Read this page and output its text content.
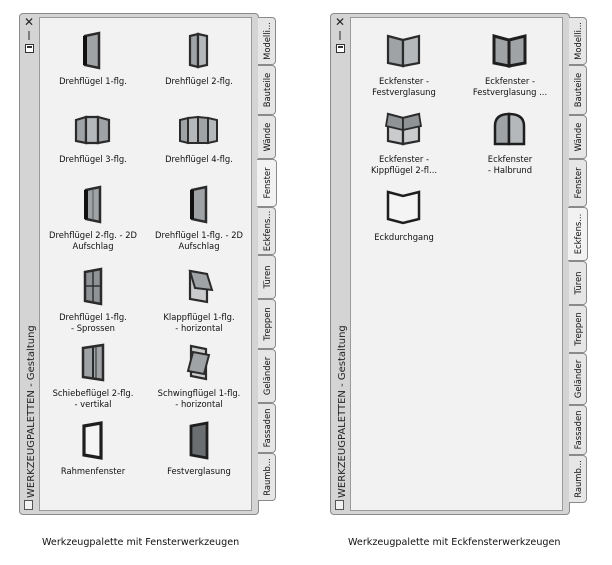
✕
|
WERKZEUGPALETTEN - Gestaltung
Drehflügel 1-flg.	Drehflügel 2-flg.
Drehflügel 3-flg.	Drehflügel 4-flg.
Drehflügel 2-flg. - 2D
Aufschlag
Drehflügel 1-flg. - 2D
Aufschlag
Drehflügel 1-flg.
- Sprossen
Klappflügel 1-flg.
- horizontal
Schiebeflügel 2-flg.
- vertikal
Schwingflügel 1-flg.
- horizontal
Rahmenfenster	Festverglasung
Modelli...
Bauteile
Wände
Fenster
Eckfens...
Türen
Treppen
Geländer
Fassaden
Raumb...
✕
|
WERKZEUGPALETTEN - Gestaltung
Eckfenster -
Festverglasung
Eckfenster -
Festverglasung ...
Eckfenster -
Kippflügel 2-fl...
Eckfenster
- Halbrund
Eckdurchgang
Modelli...
Bauteile
Wände
Fenster
Eckfens...
Türen
Treppen
Geländer
Fassaden
Raumb...
Werkzeugpalette mit Fensterwerkzeugen	Werkzeugpalette mit Eckfensterwerkzeugen
